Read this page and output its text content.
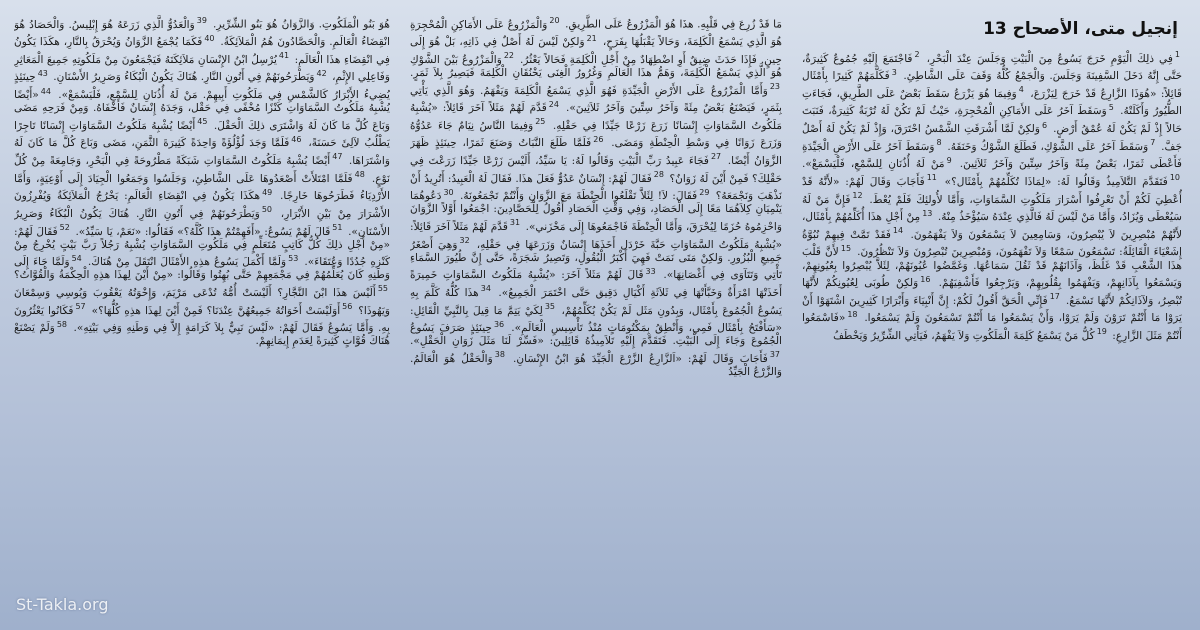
إنجيل متى، الأصحاح 13
$^1$فِي ذلِكَ الْيَوْمِ خَرَجَ يَسُوعُ مِنَ الْبَيْتِ وَجَلَسَ عِنْدَ الْبَحْرِ، $^2$فَاجْتَمَعَ إِلَيْهِ جُمُوعٌ كَثِيرَةٌ، حَتَّى إِنَّهُ دَخَلَ السَّفِينَةَ وَجَلَسَ. وَالْجَمْعُ كُلُّهُ وَقَفَ عَلَى الشَّاطِئِ. $^3$فَكَلَّمَهُمْ كَثِيرًا بِأَمْثَال قَائِلاً: «هُوَذَا الزَّارِعُ قَدْ خَرَجَ لِيَزْرَعَ، $^4$وَفِيمَا هُوَ يَزْرَعُ سَقَطَ بَعْضٌ عَلَى الطَّرِيقِ، فَجَاءَتِ الطُّيُورُ وَأَكَلَتْهُ. $^5$وَسَقَطَ آخَرُ عَلَى الأَمَاكِنِ الْمُحْجِرَةِ، حَيْثُ لَمْ تَكُنْ لَهُ تُرْبَةٌ كَثِيرَةٌ، فَنَبَتَ حَالاً إِذْ لَمْ يَكُنْ لَهُ عُمْقُ أَرْضٍ. $^6$وَلكِنْ لَمَّا أَشْرَقَتِ الشَّمْسُ احْتَرَقَ، وَإِذْ لَمْ يَكُنْ لَهُ أَصْلٌ جَفَّ. $^7$وَسَقَطَ آخَرُ عَلَى الشَّوْكِ، فَطَلَعَ الشَّوْكُ وَخَنَقَهُ. $^8$وَسَقَطَ آخَرُ عَلَى الأَرْضِ الْجَيِّدَةِ فَأَعْطَى ثَمَرًا، بَعْضٌ مِئَةً وَآخَرُ سِتِّينَ وَآخَرُ ثَلاَثِينَ. $^9$مَنْ لَهُ أُذُنَانِ لِلسَّمْعِ، فَلْيَسْمَعْ». $^{10}$فَتَقَدَّمَ التَّلاَمِيذُ وَقَالُوا لَهُ: «لِمَاذَا تُكَلِّمُهُمْ بِأَمْثَال؟» $^{11}$فَأَجَابَ وَقَالَ لَهُمْ: «لأَنَّهُ قَدْ أُعْطِيَ لَكُمْ أَنْ تَعْرِفُوا أَسْرَارَ مَلَكُوتِ السَّمَاوَاتِ، وَأَمَّا لأُولئِكَ فَلَمْ يُعْطَ. $^{12}$فَإِنَّ مَنْ لَهُ سَيُعْطَى وَيُزَادُ، وَأَمَّا مَنْ لَيْسَ لَهُ فَالَّذِي عِنْدَهُ سَيُؤْخَذُ مِنْهُ. $^{13}$مِنْ أَجْلِ هذَا أُكَلِّمُهُمْ بِأَمْثَال، لأَنَّهُمْ مُبْصِرِينَ لاَ يُبْصِرُونَ، وَسَامِعِينَ لاَ يَسْمَعُونَ وَلاَ يَفْهَمُونَ. $^{14}$فَقَدْ تَمَّتْ فِيهِمْ نُبُوَّةُ إِشَعْيَاءَ الْقَائِلَةُ: تَسْمَعُونَ سَمْعًا وَلاَ تَفْهَمُونَ، وَمُبْصِرِينَ تُبْصِرُونَ وَلاَ تَنْظُرُونَ. $^{15}$لأَنَّ قَلْبَ هذَا الشَّعْبِ قَدْ غَلُظَ، وَآذَانَهُمْ قَدْ ثَقُلَ سَمَاعُهَا. وَغَمَّضُوا عُيُونَهُمْ، لِئَلاَّ يُبْصِرُوا بِعُيُونِهِمْ، وَيَسْمَعُوا بِآذَانِهِمْ، وَيَفْهَمُوا بِقُلُوبِهِمْ، وَيَرْجِعُوا فَأَشْفِيَهُمْ. $^{16}$وَلكِنْ طُوبَى لِعُيُونِكُمْ لأَنَّهَا تُبْصِرُ، وَلآذَانِكُمْ لأَنَّهَا تَسْمَعُ. $^{17}$فَإِنِّي الْحَقَّ أَقُولُ لَكُمْ: إِنَّ أَنْبِيَاءَ وَأَبْرَارًا كَثِيرِينَ اشْتَهَوْا أَنْ يَرَوْا مَا أَنْتُمْ تَرَوْنَ وَلَمْ يَرَوْا، وَأَنْ يَسْمَعُوا مَا أَنْتُمْ تَسْمَعُونَ وَلَمْ يَسْمَعُوا. $^{18}$«فَاسْمَعُوا أَنْتُمْ مَثَلَ الزَّارِعِ: $^{19}$كُلُّ مَنْ يَسْمَعُ كَلِمَةَ الْمَلَكُوتِ وَلاَ يَفْهَمُ، فَيَأْتِي الشِّرِّيرُ وَيَخْطَفُ
مَا قَدْ زُرِعَ فِي قَلْبِهِ. هذَا هُوَ الْمَزْرُوعُ عَلَى الطَّرِيقِ. $^{20}$وَالْمَزْرُوعُ عَلَى الأَمَاكِنِ الْمُحْجِرَةِ هُوَ الَّذِي يَسْمَعُ الْكَلِمَةَ، وَحَالاً يَقْبَلُهَا بِفَرَحٍ، $^{21}$وَلكِنْ لَيْسَ لَهُ أَصْلٌ فِي ذَاتِهِ، بَلْ هُوَ إِلَى حِينٍ. فَإِذَا حَدَثَ ضِيقٌ أَوِ اضْطِهَادٌ مِنْ أَجْلِ الْكَلِمَةِ فَحَالاً يَعْثُرُ. $^{22}$وَالْمَزْرُوعُ بَيْنَ الشَّوْكِ هُوَ الَّذِي يَسْمَعُ الْكَلِمَةَ، وَهَمُّ هذَا الْعَالَمِ وَغُرُورُ الْغِنَى يَخْنُقَانِ الْكَلِمَةَ فَيَصِيرُ بِلاَ ثَمَرٍ. $^{23}$وَأَمَّا الْمَزْرُوعُ عَلَى الأَرْضِ الْجَيِّدَةِ فَهُوَ الَّذِي يَسْمَعُ الْكَلِمَةَ وَيَفْهَمُ. وَهُوَ الَّذِي يَأْتِي بِثَمَرٍ، فَيَصْنَعُ بَعْضٌ مِئَةً وَآخَرُ سِتِّينَ وَآخَرُ ثَلاَثِينَ». $^{24}$قَدَّمَ لَهُمْ مَثَلاً آخَرَ قَائِلاً: «يُشْبِهُ مَلَكُوتُ السَّمَاوَاتِ إِنْسَانًا زَرَعَ زَرْعًا جَيِّدًا فِي حَقْلِهِ. $^{25}$وَفِيمَا النَّاسُ نِيَامٌ جَاءَ عَدُوُّهُ وَزَرَعَ زَوَانًا فِي وَسْطِ الْحِنْطَةِ وَمَضَى. $^{26}$فَلَمَّا طَلَعَ النَّبَاتُ وَصَنَعَ ثَمَرًا، حِينَئِذٍ ظَهَرَ الزَّوَانُ أَيْضًا. $^{27}$فَجَاءَ عَبِيدُ رَبِّ الْبَيْتِ وَقَالُوا لَهُ: يَا سَيِّدُ، أَلَيْسَ زَرْعًا جَيِّدًا زَرَعْتَ فِي حَقْلِكَ؟ فَمِنْ أَيْنَ لَهُ زَوَانٌ؟ $^{28}$فَقَالَ لَهُمْ: إِنْسَانٌ عَدُوٌّ فَعَلَ هذَا. فَقَالَ لَهُ الْعَبِيدُ: أَتُرِيدُ أَنْ نَذْهَبَ وَنَجْمَعَهُ؟ $^{29}$فَقَالَ: لاَ! لِئَلاَّ تَقْلَعُوا الْحِنْطَةَ مَعَ الزَّوَانِ وَأَنْتُمْ تَجْمَعُونَهُ. $^{30}$دَعُوهُمَا يَنْمِيَانِ كِلاَهُمَا مَعًا إِلَى الْحَصَادِ، وَفِي وَقْتِ الْحَصَادِ أَقُولُ لِلْحَصَّادِينَ: اجْمَعُوا أَوَّلاً الزَّوَانَ وَاحْزِمُوهُ حُزَمًا لِيُحْرَقَ، وَأَمَّا الْحِنْطَةَ فَاجْمَعُوهَا إِلَى مَخْزَني». $^{31}$قَدَّمَ لَهُمْ مَثَلاً آخَرَ قَائِلاً: «يُشْبِهُ مَلَكُوتُ السَّمَاوَاتِ حَبَّةَ خَرْدَل أَخَذَهَا إِنْسَانٌ وَزَرَعَهَا فِي حَقْلِهِ، $^{32}$وَهِيَ أَصْغَرُ جَمِيعِ الْبُزُورِ. وَلكِنْ مَتَى نَمَتْ فَهِيَ أَكْبَرُ الْبُقُولِ، وَتَصِيرُ شَجَرَةً، حَتَّى إِنَّ طُيُورَ السَّمَاءِ تَأْتِي وَتَتَآوَى فِي أَغْصَانِهَا». $^{33}$قَالَ لَهُمْ مَثَلاً آخَرَ: «يُشْبِهُ مَلَكُوتُ السَّمَاوَاتِ خَمِيرَةً أَخَذَتْهَا امْرَأَةٌ وَخَبَّأَتْهَا فِي ثَلاَثَةِ أَكْيَالِ دَقِيق حَتَّى اخْتَمَرَ الْجَمِيعُ». $^{34}$هذَا كُلُّهُ كَلَّمَ بِهِ يَسُوعُ الْجُمُوعَ بِأَمْثَال، وَبِدُونِ مَثَل لَمْ يَكُنْ يُكَلِّمُهُمْ، $^{35}$لِكَيْ يَتِمَّ مَا قِيلَ بِالنَّبِيِّ الْقَائِلِ: «سَأَفْتَحُ بِأَمْثَال فَمِي، وَأَنْطِقُ بِمَكْتُومَاتٍ مُنْذُ تَأْسِيسِ الْعَالَمِ». $^{36}$حِينَئِذٍ صَرَفَ يَسُوعُ الْجُمُوعَ وَجَاءَ إِلَى الْبَيْتِ. فَتَقَدَّمَ إِلَيْهِ تَلاَمِيذُهُ قَائِلِينَ: «فَسِّرْ لَنَا مَثَلَ زَوَانِ الْحَقْلِ». $^{37}$فَأَجَابَ وَقَالَ لَهُمْ: «اَلزَّارِعُ الزَّرْعَ الْجَيِّدَ هُوَ ابْنُ الإِنْسَانِ. $^{38}$وَالْحَقْلُ هُوَ الْعَالَمُ. وَالزَّرْعُ الْجَيِّدُ
هُوَ بَنُو الْمَلَكُوتِ. وَالزَّوَانُ هُوَ بَنُو الشِّرِّيرِ. $^{39}$وَالْعَدُوُّ الَّذِي زَرَعَهُ هُوَ إِبْلِيسُ. وَالْحَصَادُ هُوَ انْقِضَاءُ الْعَالَمِ. وَالْحَصَّادُونَ هُمُ الْمَلاَئِكَةُ. $^{40}$فَكَمَا يُجْمَعُ الزَّوَانُ وَيُحْرَقُ بِالنَّارِ، هكَذَا يَكُونُ فِي انْقِضَاءِ هذَا الْعَالَمِ: $^{41}$يُرْسِلُ ابْنُ الإِنْسَانِ مَلاَئِكَتَهُ فَيَجْمَعُونَ مِنْ مَلَكُوتِهِ جَمِيعَ الْمَعَاثِرِ وَفَاعِلِي الإِثْمِ، $^{42}$وَيَطْرَحُونَهُمْ فِي أَتُونِ النَّارِ. هُنَاكَ يَكُونُ الْبُكَاءُ وَصَرِيرُ الأَسْنَانِ. $^{43}$حِينَئِذٍ يُضِيءُ الأَبْرَارُ كَالشَّمْسِ فِي مَلَكُوتِ أَبِيهِمْ. مَنْ لَهُ أُذُنَانِ لِلسَّمْعِ، فَلْيَسْمَعْ». $^{44}$«أَيْضًا يُشْبِهُ مَلَكُوتُ السَّمَاوَاتِ كَنْزًا مُخْفًى فِي حَقْل، وَجَدَهُ إِنْسَانٌ فَأَخْفَاهُ. وَمِنْ فَرَحِهِ مَضَى وَبَاعَ كُلَّ مَا كَانَ لَهُ وَاشْتَرَى ذلِكَ الْحَقْلَ. $^{45}$أَيْضًا يُشْبِهُ مَلَكُوتُ السَّمَاوَاتِ إِنْسَانًا تَاجِرًا يَطْلُبُ لآلِئَ حَسَنَةً، $^{46}$فَلَمَّا وَجَدَ لُؤْلُؤَةً وَاحِدَةً كَثِيرَةَ الثَّمَنِ، مَضَى وَبَاعَ كُلَّ مَا كَانَ لَهُ وَاشْتَرَاهَا. $^{47}$أَيْضًا يُشْبِهُ مَلَكُوتُ السَّمَاوَاتِ شَبَكَةً مَطْرُوحَةً فِي الْبَحْرِ، وَجَامِعَةً مِنْ كُلِّ نَوْعٍ. $^{48}$فَلَمَّا امْتَلأَتْ أَصْعَدُوهَا عَلَى الشَّاطِئِ، وَجَلَسُوا وَجَمَعُوا الْجِيَادَ إِلَى أَوْعِيَةٍ، وَأَمَّا الأَرْدِيَاءُ فَطَرَحُوهَا خَارِجًا. $^{49}$هكَذَا يَكُونُ فِي انْقِضَاءِ الْعَالَمِ: يَخْرُجُ الْمَلاَئِكَةُ وَيُفْرِزُونَ الأَشْرَارَ مِنْ بَيْنِ الأَبْرَارِ، $^{50}$وَيَطْرَحُونَهُمْ فِي أَتُونِ النَّارِ. هُنَاكَ يَكُونُ الْبُكَاءُ وَصَرِيرُ الأَسْنَانِ». $^{51}$قَالَ لَهُمْ يَسُوعُ: «أَفَهِمْتُمْ هذَا كُلَّهُ؟» فَقَالُوا: «نَعَمْ، يَا سَيِّدُ». $^{52}$فَقَالَ لَهُمْ: «مِنْ أَجْلِ ذلِكَ كُلُّ كَاتِبٍ مُتَعَلِّمٍ فِي مَلَكُوتِ السَّمَاوَاتِ يُشْبِهُ رَجُلاً رَبَّ بَيْتٍ يُخْرِجُ مِنْ كَنْزِهِ جُدُدًا وَعُتَقَاءَ». $^{53}$وَلَمَّا أَكْمَلَ يَسُوعُ هذِهِ الأَمْثَالَ انْتَقَلَ مِنْ هُنَاكَ. $^{54}$وَلَمَّا جَاءَ إِلَى وَطَنِهِ كَانَ يُعَلِّمُهُمْ فِي مَجْمَعِهِمْ حَتَّى بُهِتُوا وَقَالُوا: «مِنْ أَيْنَ لِهذَا هذِهِ الْحِكْمَةُ وَالْقُوَّاتُ؟ $^{55}$أَلَيْسَ هذَا ابْنَ النَّجَّارِ؟ أَلَيْسَتْ أُمُّهُ تُدْعَى مَرْيَمَ، وَإِخْوَتُهُ يَعْقُوبَ وَيُوسِي وَسِمْعَانَ وَيَهُوذَا؟ $^{56}$أَوَلَيْسَتْ أَخَوَاتُهُ جَمِيعُهُنَّ عِنْدَنَا؟ فَمِنْ أَيْنَ لِهذَا هذِهِ كُلُّهَا؟» $^{57}$فَكَانُوا يَعْثُرُونَ بِهِ. وَأَمَّا يَسُوعُ فَقَالَ لَهُمْ: «لَيْسَ نَبِيٌّ بِلاَ كَرَامَةٍ إِلاَّ فِي وَطَنِهِ وَفِي بَيْتِهِ». $^{58}$وَلَمْ يَصْنَعْ هُنَاكَ قُوَّاتٍ كَثِيرَةً لِعَدَمِ إِيمَانِهِمْ.
St-Takla.org
